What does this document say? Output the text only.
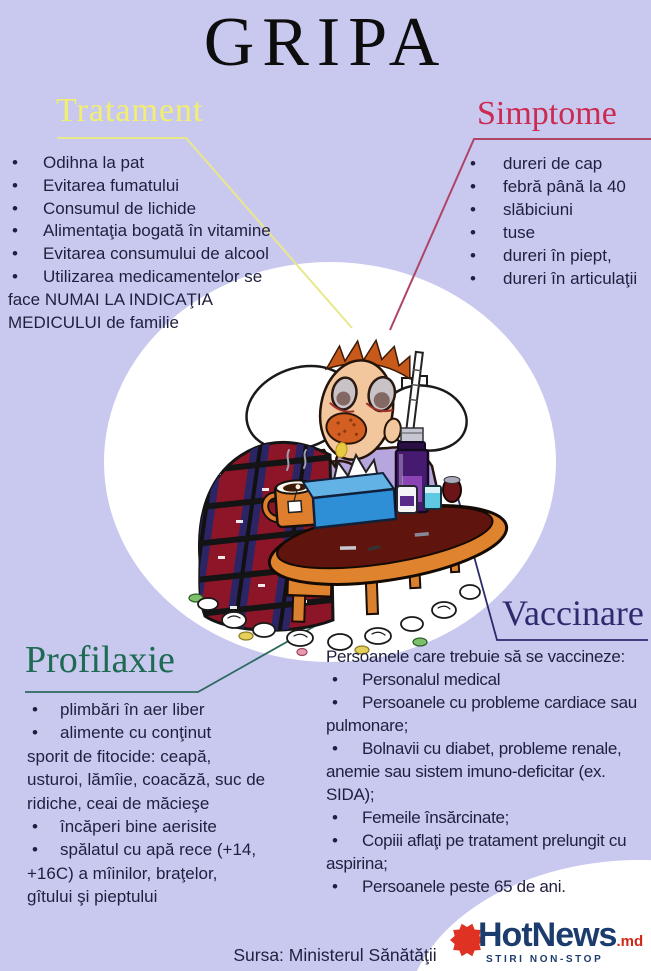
GRIPA
Tratament	Simptome
Profilaxie
Vaccinare
• Odihna la pat
• Evitarea fumatului
• Consumul de lichide
• Alimentaţia bogată în vitamine
• Evitarea consumului de alcool
• Utilizarea medicamentelor se
face NUMAI LA INDICAŢIA
MEDICULUI de familie
• dureri de cap
• febră până la 40
• slăbiciuni
• tuse
• dureri în piept,
• dureri în articulaţii
• plimbări în aer liber
• alimente cu conţinut
sporit de fitocide: ceapă,
usturoi, lămîie, coacăză, suc de
ridiche, ceai de măcieşe
• încăperi bine aerisite
• spălatul cu apă rece (+14,
+16C) a mîinilor, braţelor,
gîtului şi pieptului
Persoanele care trebuie să se vaccineze:
• Personalul medical
• Persoanele cu probleme cardiace sau
pulmonare;
• Bolnavii cu diabet, probleme renale,
anemie sau sistem imuno-deficitar (ex.
SIDA);
• Femeile însărcinate;
• Copiii aflaţi pe tratament prelungit cu
aspirina;
• Persoanele peste 65 de ani.
Sursa: Ministerul Sănătăţii
HotNews.md
STIRI NON-STOP
